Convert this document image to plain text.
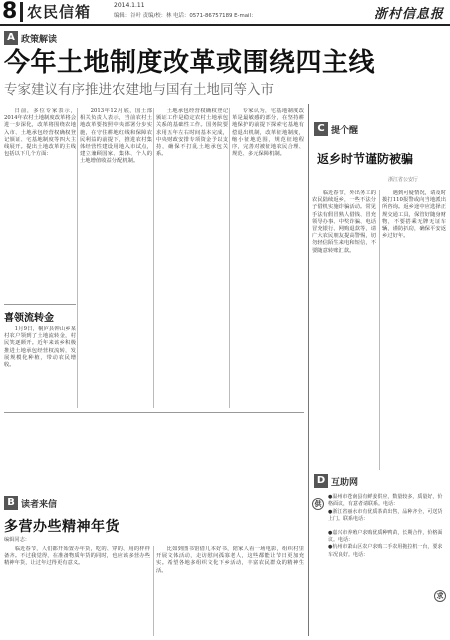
8 农民信箱	2014.1.11
编辑：谷叶 责编/校：林 电话：0571-86757189 E-mail：	浙村信息报
A 政策解读
今年土地制度改革或围绕四主线
专家建议有序推进农建地与国有土地同等入市

日前，多位专家表示，2014年农村土地制度改革将会进一步深化，改革将围绕农地入市、土地承包经营权确权登记颁证、宅基地制度等四大主线展开。提出土地改革的主线包括以下几个方面：

2013年12月底，国土部相关负责人表示，当前农村土地改革要按照中央部署分步实施，在守住耕地红线和保障农民利益的前提下，推进农村集体经营性建设用地入市试点，建立兼顾国家、集体、个人的土地增值收益分配机制。

土地承包经营权确权登记颁证工作是稳定农村土地承包关系的基础性工作。国务院要求用五年左右时间基本完成，中央财政安排专项资金予以支持，确保不打乱土地承包关系。

专家认为，宅基地制度改革是最敏感的部分，在坚持耕地保护的前提下探索宅基地有偿退出机制，改革征地制度，缩小征地范围，规范征地程序，完善对被征地农民合理、规范、多元保障机制。

C 提个醒
返乡时节谨防被骗
浙江省公安厅

临近春节，外出务工的农民陆续返乡，一些不法分子借机实施诈骗活动。常见手法有假冒熟人借钱、冒充领导办事、中奖诈骗、电话冒充银行、网购退款等，请广大农民朋友提高警惕，切勿轻信陌生来电和短信，不要随意转账汇款。

遇到可疑情况，请及时拨打110报警或向当地派出所咨询。返乡途中应选择正规交通工具，保管好随身财物，不要搭乘无牌无证车辆，谨防扒窃，确保平安返乡过好年。

喜领流转金

1月9日，桐庐县钟山乡某村农户领到了土地流转金，村民笑逐颜开。近年来该乡积极推进土地承包经营权流转，发展规模化种植，带动农民增收。

B 读者来信
多营办些精神年货
编辑同志：

临近春节，人们都开始置办年货，吃的、穿的、用的样样备齐。不过我觉得，在准备物质年货的同时，也应该多营办些精神年货，让过年过得更有意义。

比如到图书馆借几本好书，陪家人看一场电影，组织村里开展文体活动，走访慰问孤寡老人，这些都能让节日更加充实。希望各地多组织文化下乡活动，丰富农民群众的精神生活。

D 互助网
供
●温州市苍南县有鲜姜供应，数量较多，质量好，价格面议，有意者请联系。电话：
●浙江省丽水市有优质茶苗出售，品种齐全，可送货上门。联系电话：
●嘉兴市养殖户求购优质种鸭苗，长期合作，价格面议。电话：
求
●杭州市萧山区农户求购二手农用拖拉机一台，要求车况良好。电话：
